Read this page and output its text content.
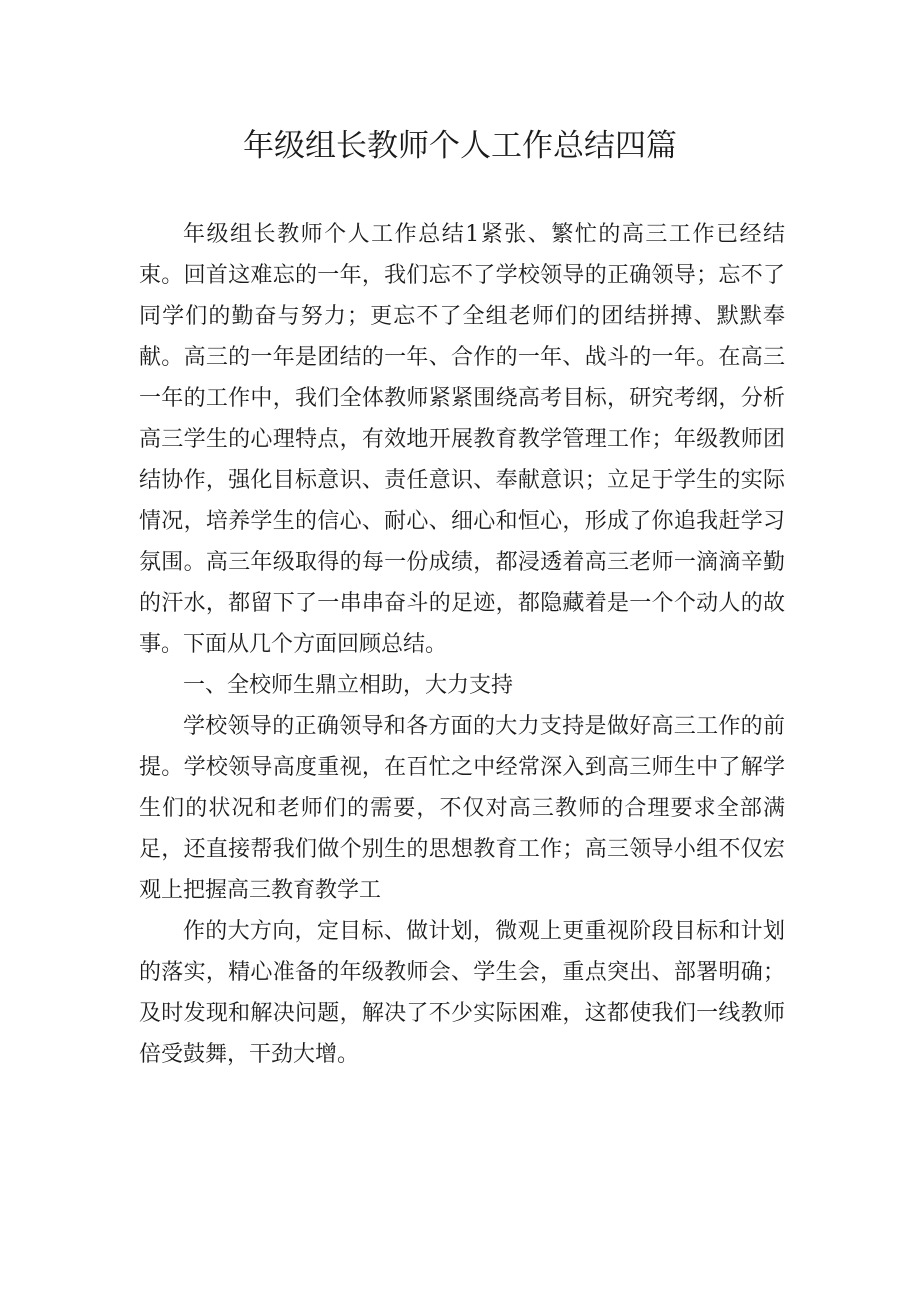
年级组长教师个人工作总结四篇

年级组长教师个人工作总结1紧张、繁忙的高三工作已经结束。回首这难忘的一年，我们忘不了学校领导的正确领导；忘不了同学们的勤奋与努力；更忘不了全组老师们的团结拼搏、默默奉献。高三的一年是团结的一年、合作的一年、战斗的一年。在高三一年的工作中，我们全体教师紧紧围绕高考目标，研究考纲，分析高三学生的心理特点，有效地开展教育教学管理工作；年级教师团结协作，强化目标意识、责任意识、奉献意识；立足于学生的实际情况，培养学生的信心、耐心、细心和恒心，形成了你追我赶学习氛围。高三年级取得的每一份成绩，都浸透着高三老师一滴滴辛勤的汗水，都留下了一串串奋斗的足迹，都隐藏着是一个个动人的故事。下面从几个方面回顾总结。

一、全校师生鼎立相助，大力支持

学校领导的正确领导和各方面的大力支持是做好高三工作的前提。学校领导高度重视，在百忙之中经常深入到高三师生中了解学生们的状况和老师们的需要，不仅对高三教师的合理要求全部满足，还直接帮我们做个别生的思想教育工作；高三领导小组不仅宏观上把握高三教育教学工

作的大方向，定目标、做计划，微观上更重视阶段目标和计划的落实，精心准备的年级教师会、学生会，重点突出、部署明确；及时发现和解决问题，解决了不少实际困难，这都使我们一线教师倍受鼓舞，干劲大增。
